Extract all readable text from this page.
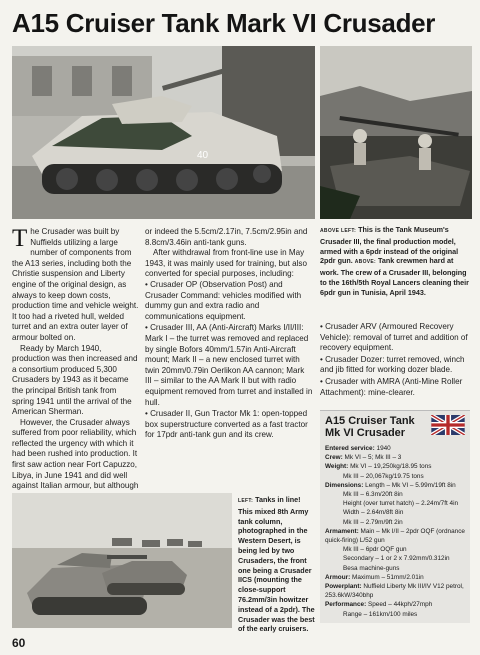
A15 Cruiser Tank Mark VI Crusader
40

The Crusader was built by Nuffields utilizing a large number of components from the A13 series, including both the Christie suspension and Liberty engine of the original design, as always to keep down costs, production time and vehicle weight. It too had a riveted hull, welded turret and an extra outer layer of armour bolted on.

Ready by March 1940, production was then increased and a consortium produced 5,300 Crusaders by 1943 as it became the principal British tank from spring 1941 until the arrival of the American Sherman.

However, the Crusader always suffered from poor reliability, which reflected the urgency with which it had been rushed into production. It first saw action near Fort Capuzzo, Libya, in June 1941 and did well against Italian armour, but although

or indeed the 5.5cm/2.17in, 7.5cm/2.95in and 8.8cm/3.46in anti-tank guns.

After withdrawal from front-line use in May 1943, it was mainly used for training, but also converted for special purposes, including:

• Crusader OP (Observation Post) and Crusader Command: vehicles modified with dummy gun and extra radio and communications equipment.

• Crusader III, AA (Anti-Aircraft) Marks I/II/III: Mark I – the turret was removed and replaced by single Bofors 40mm/1.57in Anti-Aircraft mount; Mark II – a new enclosed turret with twin 20mm/0.79in Oerlikon AA cannon; Mark III – similar to the AA Mark II but with radio equipment removed from turret and installed in hull.

• Crusader II, Gun Tractor Mk 1: open-topped box superstructure converted as a fast tractor for 17pdr anti-tank gun and its crew.

ABOVE LEFT: This is the Tank Museum's Crusader III, the final production model, armed with a 6pdr instead of the original 2pdr gun. ABOVE: Tank crewmen hard at work. The crew of a Crusader III, belonging to the 16th/5th Royal Lancers cleaning their 6pdr gun in Tunisia, April 1943.

• Crusader ARV (Armoured Recovery Vehicle): removal of turret and addition of recovery equipment.

• Crusader Dozer: turret removed, winch and jib fitted for working dozer blade.

• Crusader with AMRA (Anti-Mine Roller Attachment): mine-clearer.

A15 Cruiser Tank
Mk VI Crusader
Entered service: 1940
Crew: Mk VI – 5; Mk III – 3
Weight: Mk VI – 19,250kg/18.95 tons
Mk III – 20,067kg/19.75 tons
Dimensions: Length – Mk VI – 5.99m/19ft 8in
Mk III – 6.3m/20ft 8in
Height (over turret hatch) – 2.24m/7ft 4in
Width – 2.64m/8ft 8in
Mk III – 2.79m/9ft 2in
Armament: Main – Mk I/II – 2pdr OQF (ordnance quick-firing) L/52 gun
Mk III – 6pdr OQF gun
Secondary – 1 or 2 x 7.92mm/0.312in Besa machine-guns
Armour: Maximum – 51mm/2.01in
Powerplant: Nuffield Liberty Mk III/IV V12 petrol, 253.6kW/340bhp
Performance: Speed – 44kph/27mph
Range – 161km/100 miles
LEFT: Tanks in line! This mixed 8th Army tank column, photographed in the Western Desert, is being led by two Crusaders, the front one being a Crusader IICS (mounting the close-support 76.2mm/3in howitzer instead of a 2pdr). The Crusader was the best of the early cruisers.
60
